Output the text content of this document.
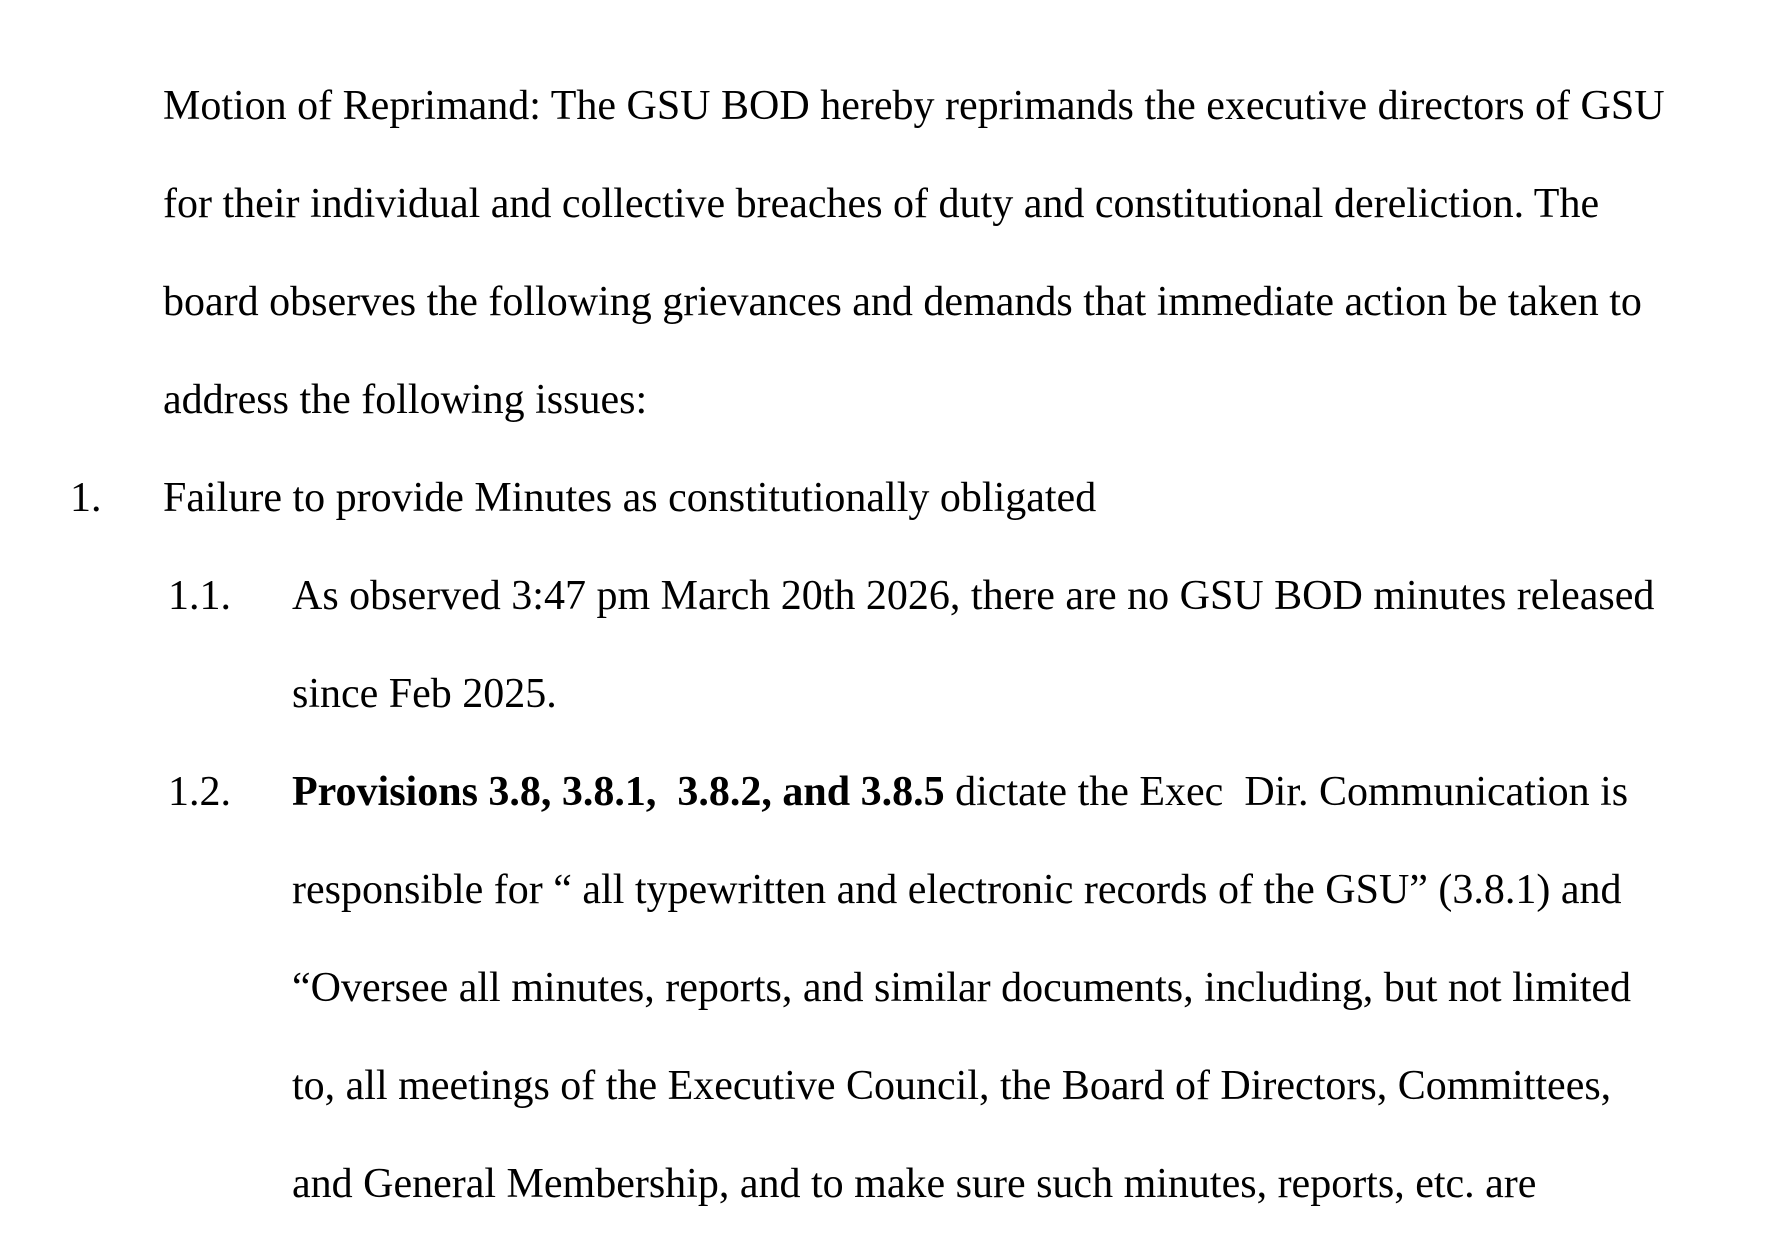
Motion of Reprimand: The GSU BOD hereby reprimands the executive directors of GSU
for their individual and collective breaches of duty and constitutional dereliction. The
board observes the following grievances and demands that immediate action be taken to
address the following issues:
1. Failure to provide Minutes as constitutionally obligated
1.1. As observed 3:47 pm March 20th 2026, there are no GSU BOD minutes released
since Feb 2025.
1.2. Provisions 3.8, 3.8.1,  3.8.2, and 3.8.5 dictate the Exec  Dir. Communication is
responsible for “ all typewritten and electronic records of the GSU” (3.8.1) and
“Oversee all minutes, reports, and similar documents, including, but not limited
to, all meetings of the Executive Council, the Board of Directors, Committees,
and General Membership, and to make sure such minutes, reports, etc. are
